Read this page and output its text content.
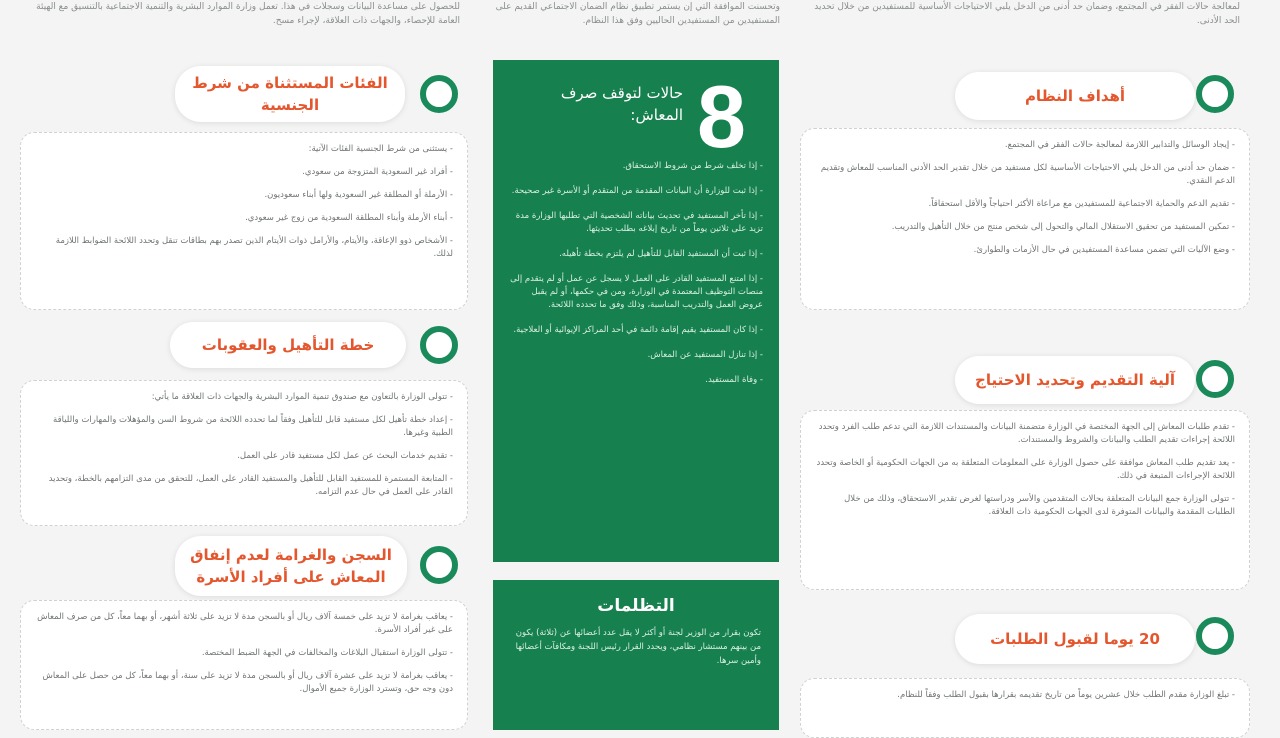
للحصول على مساعدة البيانات وسجلات في هذا. تعمل وزارة الموارد البشرية والتنمية الاجتماعية بالتنسيق مع الهيئة العامة للإحصاء، والجهات ذات العلاقة، لإجراء مسح.

وتحسنت الموافقة التي إن يستمر تطبيق نظام الضمان الاجتماعي القديم على المستفيدين من المستفيدين الحاليين وفق هذا النظام.

لمعالجة حالات الفقر في المجتمع، وضمان حد أدنى من الدخل يلبي الاحتياجات الأساسية للمستفيدين من خلال تحديد الحد الأدنى.

الفئات المستثناة من شرط الجنسية
- يستثنى من شرط الجنسية الفئات الآتية:
- أفراد غير السعودية المتزوجة من سعودي.
- الأرملة أو المطلقة غير السعودية ولها أبناء سعوديون.
- أبناء الأرملة وأبناء المطلقة السعودية من زوج غير سعودي.
- الأشخاص ذوو الإعاقة، والأيتام، والأرامل ذوات الأيتام الذين تصدر بهم بطاقات تنقل وتحدد اللائحة الضوابط اللازمة لذلك.
خطة التأهيل والعقوبات
- تتولى الوزارة بالتعاون مع صندوق تنمية الموارد البشرية والجهات ذات العلاقة ما يأتي:
- إعداد خطة تأهيل لكل مستفيد قابل للتأهيل وفقاً لما تحدده اللائحة من شروط السن والمؤهلات والمهارات واللياقة الطبية وغيرها.
- تقديم خدمات البحث عن عمل لكل مستفيد قادر على العمل.
- المتابعة المستمرة للمستفيد القابل للتأهيل والمستفيد القادر على العمل، للتحقق من مدى التزامهم بالخطة، وتحديد القادر على العمل في حال عدم التزامه.
السجن والغرامة لعدم إنفاق المعاش على أفراد الأسرة
- يعاقب بغرامة لا تزيد على خمسة آلاف ريال أو بالسجن مدة لا تزيد على ثلاثة أشهر، أو بهما معاً، كل من صرف المعاش على غير أفراد الأسرة.
- تتولى الوزارة استقبال البلاغات والمخالفات في الجهة الضبط المختصة.
- يعاقب بغرامة لا تزيد على عشرة آلاف ريال أو بالسجن مدة لا تزيد على سنة، أو بهما معاً، كل من حصل على المعاش دون وجه حق، وتسترد الوزارة جميع الأموال.
8
حالات لتوقف صرف المعاش:
- إذا تخلف شرط من شروط الاستحقاق.
- إذا ثبت للوزارة أن البيانات المقدمة من المتقدم أو الأسرة غير صحيحة.
- إذا تأخر المستفيد في تحديث بياناته الشخصية التي تطلبها الوزارة مدة تزيد على ثلاثين يوماً من تاريخ إبلاغه بطلب تحديثها.
- إذا ثبت أن المستفيد القابل للتأهيل لم يلتزم بخطة تأهيله.
- إذا امتنع المستفيد القادر على العمل لا يسجل عن عمل أو لم يتقدم إلى منصات التوظيف المعتمدة في الوزارة، ومن في حكمها، أو لم يقبل عروض العمل والتدريب المناسبة، وذلك وفق ما تحدده اللائحة.
- إذا كان المستفيد يقيم إقامة دائمة في أحد المراكز الإيوائية أو العلاجية.
- إذا تنازل المستفيد عن المعاش.
- وفاة المستفيد.
التظلمات

تكون بقرار من الوزير لجنة أو أكثر لا يقل عدد أعضائها عن (ثلاثة) يكون من بينهم مستشار نظامي، ويحدد القرار رئيس اللجنة ومكافآت أعضائها وأمين سرها.

أهداف النظام
- إيجاد الوسائل والتدابير اللازمة لمعالجة حالات الفقر في المجتمع.
- ضمان حد أدنى من الدخل يلبي الاحتياجات الأساسية لكل مستفيد من خلال تقدير الحد الأدنى المناسب للمعاش وتقديم الدعم النقدي.
- تقديم الدعم والحماية الاجتماعية للمستفيدين مع مراعاة الأكثر احتياجاً والأقل استحقاقاً.
- تمكين المستفيد من تحقيق الاستقلال المالي والتحول إلى شخص منتج من خلال التأهيل والتدريب.
- وضع الآليات التي تضمن مساعدة المستفيدين في حال الأزمات والطوارئ.
آلية التقديم وتحديد الاحتياج
- تقدم طلبات المعاش إلى الجهة المختصة في الوزارة متضمنة البيانات والمستندات اللازمة التي تدعم طلب الفرد وتحدد اللائحة إجراءات تقديم الطلب والبيانات والشروط والمستندات.
- يعد تقديم طلب المعاش موافقة على حصول الوزارة على المعلومات المتعلقة به من الجهات الحكومية أو الخاصة وتحدد اللائحة الإجراءات المتبعة في ذلك.
- تتولى الوزارة جمع البيانات المتعلقة بحالات المتقدمين والأسر ودراستها لغرض تقدير الاستحقاق، وذلك من خلال الطلبات المقدمة والبيانات المتوفرة لدى الجهات الحكومية ذات العلاقة.
20 يوما لقبول الطلبات
- تبلغ الوزارة مقدم الطلب خلال عشرين يوماً من تاريخ تقديمه بقرارها بقبول الطلب وفقاً للنظام.
